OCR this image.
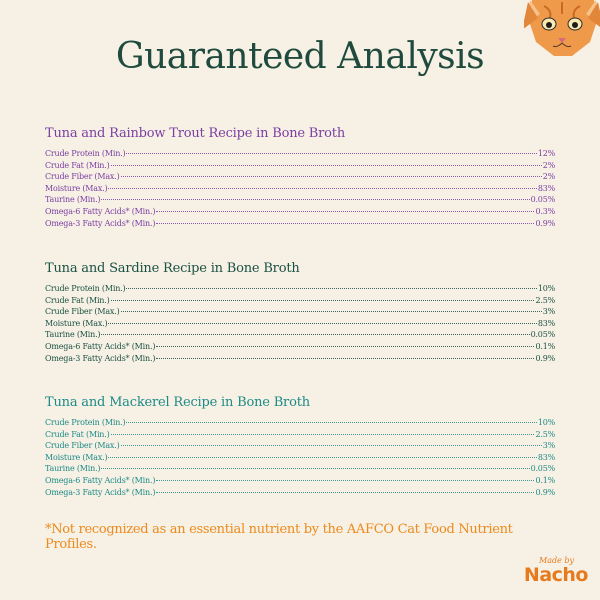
Guaranteed Analysis
Tuna and Rainbow Trout Recipe in Bone Broth
Crude Protein (Min.)	12%
Crude Fat (Min.)	2%
Crude Fiber (Max.)	2%
Moisture (Max.)	83%
Taurine (Min.)	0.05%
Omega-6 Fatty Acids* (Min.)	0.3%
Omega-3 Fatty Acids* (Min.)	0.9%
Tuna and Sardine Recipe in Bone Broth
Crude Protein (Min.)	10%
Crude Fat (Min.)	2.5%
Crude Fiber (Max.)	3%
Moisture (Max.)	83%
Taurine (Min.)	0.05%
Omega-6 Fatty Acids* (Min.)	0.1%
Omega-3 Fatty Acids* (Min.)	0.9%
Tuna and Mackerel Recipe in Bone Broth
Crude Protein (Min.)	10%
Crude Fat (Min.)	2.5%
Crude Fiber (Max.)	3%
Moisture (Max.)	83%
Taurine (Min.)	0.05%
Omega-6 Fatty Acids* (Min.)	0.1%
Omega-3 Fatty Acids* (Min.)	0.9%
*Not recognized as an essential nutrient by the AAFCO Cat Food Nutrient Profiles.
Made by
Nacho
